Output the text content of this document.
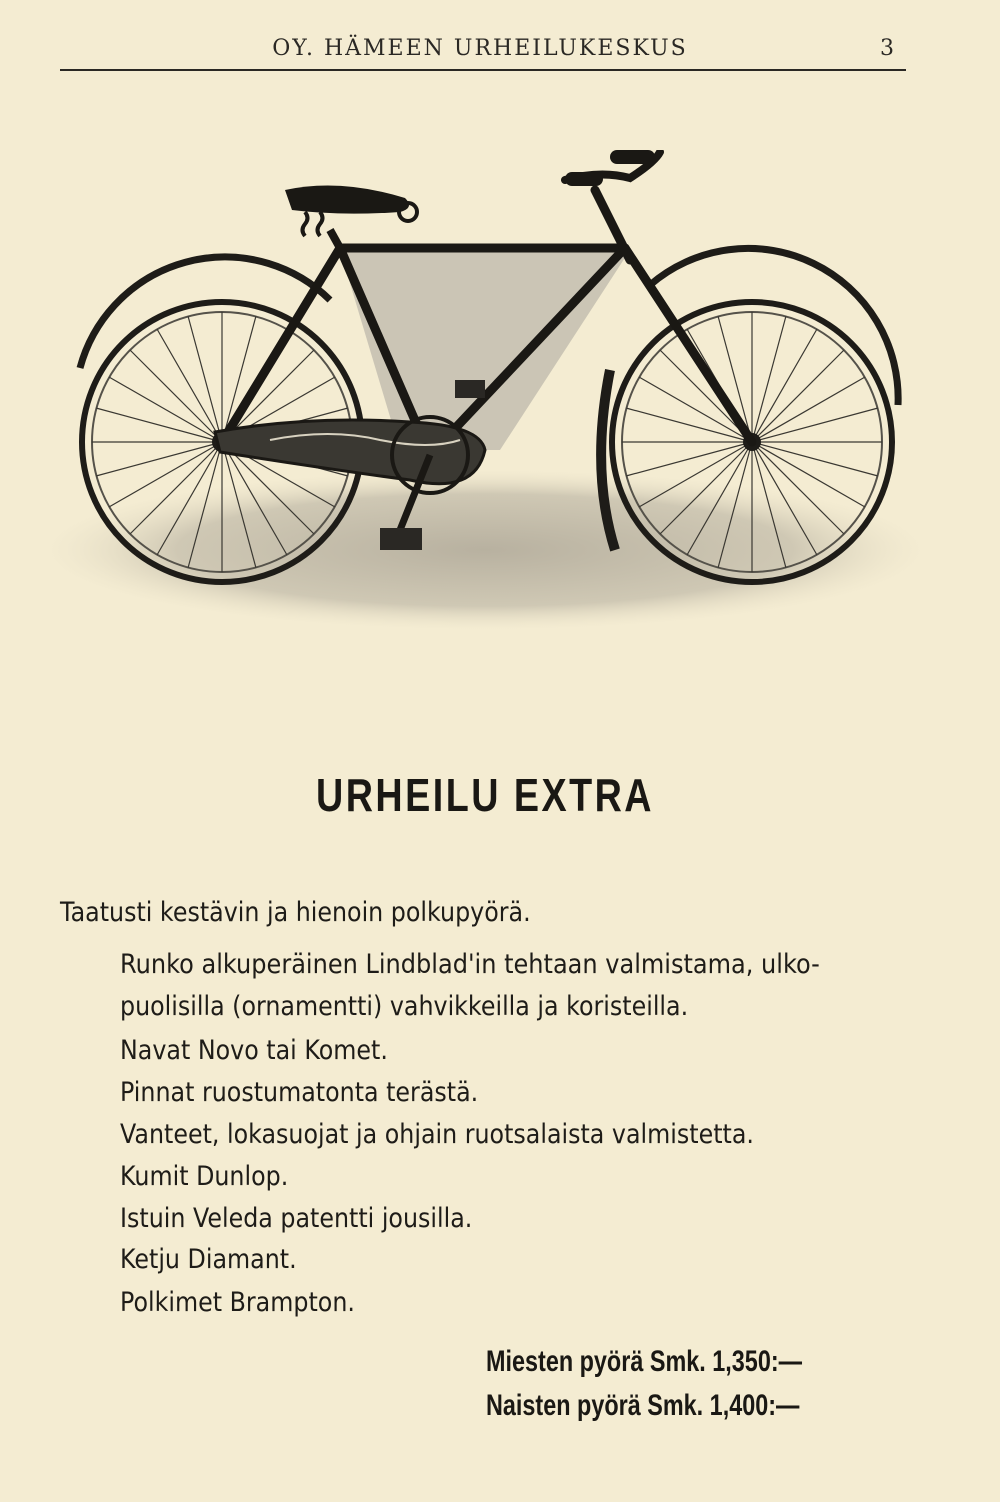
OY. HÄMEEN URHEILUKESKUS	3
URHEILU EXTRA
Taatusti kestävin ja hienoin polkupyörä.
Runko alkuperäinen Lindblad'in tehtaan valmistama, ulko-
puolisilla (ornamentti) vahvikkeilla ja koristeilla.
Navat Novo tai Komet.
Pinnat ruostumatonta terästä.
Vanteet, lokasuojat ja ohjain ruotsalaista valmistetta.
Kumit Dunlop.
Istuin Veleda patentti jousilla.
Ketju Diamant.
Polkimet Brampton.
Miesten pyörä Smk. 1,350:—
Naisten pyörä Smk. 1,400:—
